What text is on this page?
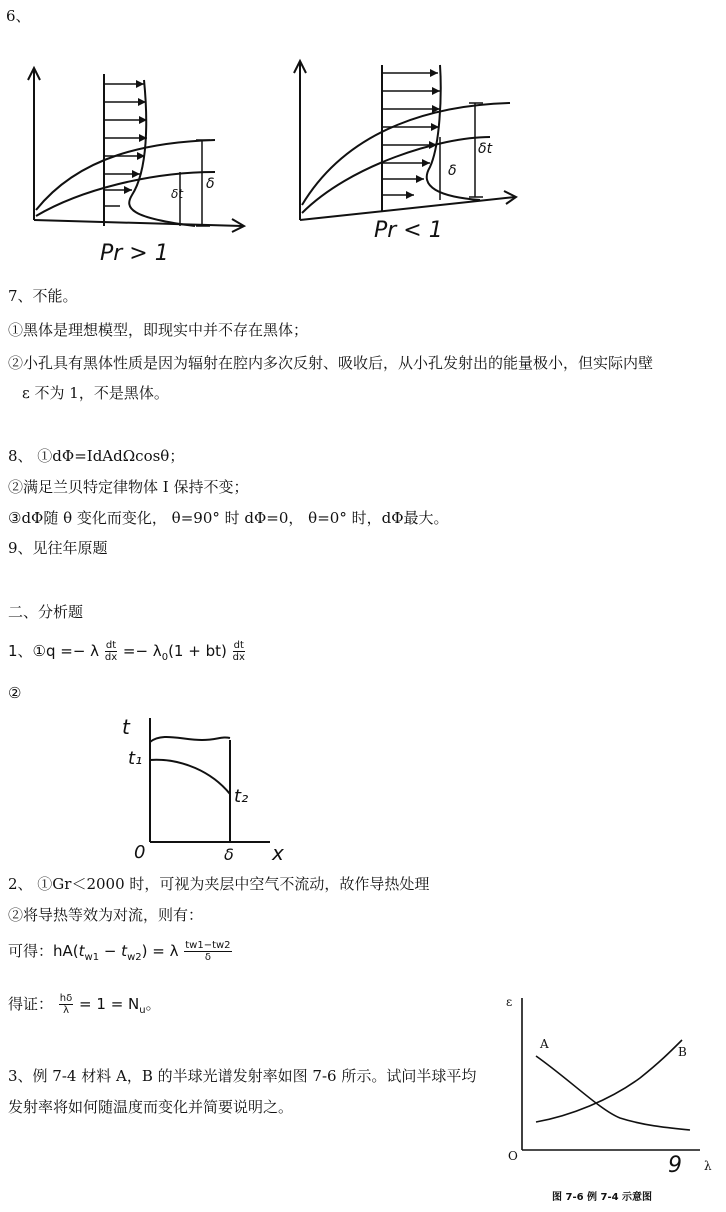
6、
δ
δt
Pr > 1
δt
δ
Pr < 1
7、不能。
①黑体是理想模型，即现实中并不存在黑体；
②小孔具有黑体性质是因为辐射在腔内多次反射、吸收后，从小孔发射出的能量极小，但实际内壁
ε 不为 1，不是黑体。
8、 ①dΦ=IdAdΩcosθ；
②满足兰贝特定律物体 I 保持不变；
③dΦ随 θ 变化而变化， θ=90° 时 dΦ=0， θ=0° 时，dΦ最大。
9、见往年原题
二、分析题
1、①q =− λ $\frac{dt}{dx} =- \lambda_0(1 + bt) \frac{dt}{dx}$
②
t
t₁
t₂
0	δ x
2、 ①Gr＜2000 时，可视为夹层中空气不流动，故作导热处理
②将导热等效为对流，则有：
可得：$hA(t_{w1} - t_{w2}) = \lambda \frac{tw1-tw2}{\delta}$
得证： $\frac{h\delta}{\lambda} = 1 = N_u$。
3、例 7-4 材料 A，B 的半球光谱发射率如图 7-6 所示。试问半球平均
发射率将如何随温度而变化并简要说明之。
ε
A
B
O
λ
9
图 7-6 例 7-4 示意图
